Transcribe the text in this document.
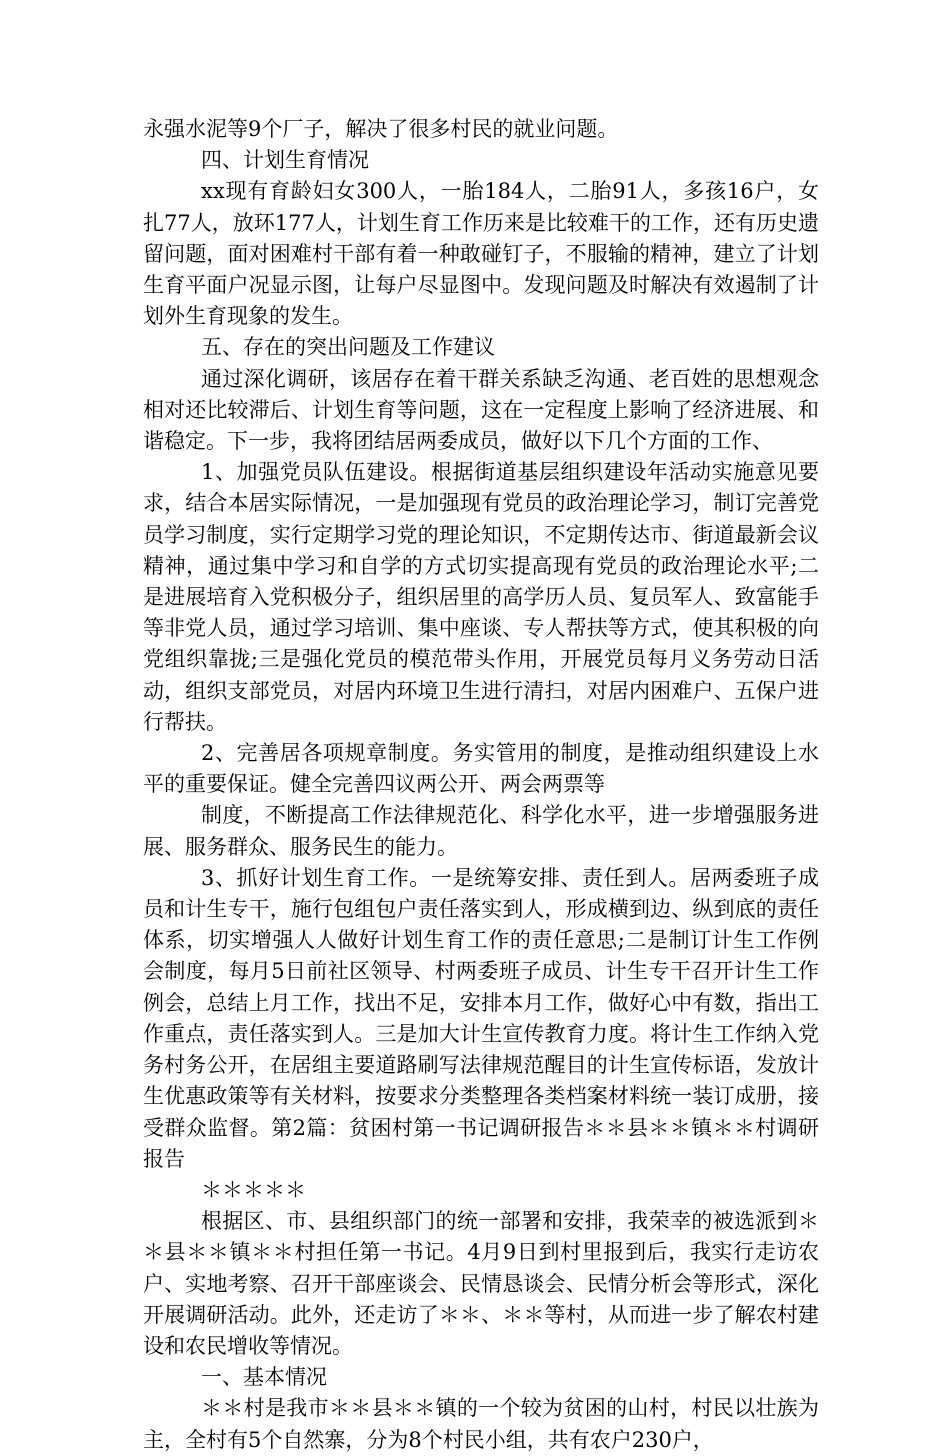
永强水泥等9个厂子，解决了很多村民的就业问题。

四、计划生育情况

xx现有育龄妇女300人，一胎184人，二胎91人，多孩16户，女扎77人，放环177人，计划生育工作历来是比较难干的工作，还有历史遗留问题，面对困难村干部有着一种敢碰钉子，不服输的精神，建立了计划生育平面户况显示图，让每户尽显图中。发现问题及时解决有效遏制了计划外生育现象的发生。

五、存在的突出问题及工作建议

通过深化调研，该居存在着干群关系缺乏沟通、老百姓的思想观念相对还比较滞后、计划生育等问题，这在一定程度上影响了经济进展、和谐稳定。下一步，我将团结居两委成员，做好以下几个方面的工作、

1、加强党员队伍建设。根据街道基层组织建设年活动实施意见要求，结合本居实际情况，一是加强现有党员的政治理论学习，制订完善党员学习制度，实行定期学习党的理论知识，不定期传达市、街道最新会议精神，通过集中学习和自学的方式切实提高现有党员的政治理论水平;二是进展培育入党积极分子，组织居里的高学历人员、复员军人、致富能手等非党人员，通过学习培训、集中座谈、专人帮扶等方式，使其积极的向党组织靠拢;三是强化党员的模范带头作用，开展党员每月义务劳动日活动，组织支部党员，对居内环境卫生进行清扫，对居内困难户、五保户进行帮扶。

2、完善居各项规章制度。务实管用的制度，是推动组织建设上水平的重要保证。健全完善四议两公开、两会两票等

制度，不断提高工作法律规范化、科学化水平，进一步增强服务进展、服务群众、服务民生的能力。

3、抓好计划生育工作。一是统筹安排、责任到人。居两委班子成员和计生专干，施行包组包户责任落实到人，形成横到边、纵到底的责任体系，切实增强人人做好计划生育工作的责任意思;二是制订计生工作例会制度，每月5日前社区领导、村两委班子成员、计生专干召开计生工作例会，总结上月工作，找出不足，安排本月工作，做好心中有数，指出工作重点，责任落实到人。三是加大计生宣传教育力度。将计生工作纳入党务村务公开，在居组主要道路刷写法律规范醒目的计生宣传标语，发放计生优惠政策等有关材料，按要求分类整理各类档案材料统一装订成册，接受群众监督。第2篇：贫困村第一书记调研报告＊＊县＊＊镇＊＊村调研报告

＊＊＊＊＊

根据区、市、县组织部门的统一部署和安排，我荣幸的被选派到＊＊县＊＊镇＊＊村担任第一书记。4月9日到村里报到后，我实行走访农户、实地考察、召开干部座谈会、民情恳谈会、民情分析会等形式，深化开展调研活动。此外，还走访了＊＊、＊＊等村，从而进一步了解农村建设和农民增收等情况。

一、基本情况

＊＊村是我市＊＊县＊＊镇的一个较为贫困的山村，村民以壮族为主，全村有5个自然寨，分为8个村民小组，共有农户230户，
